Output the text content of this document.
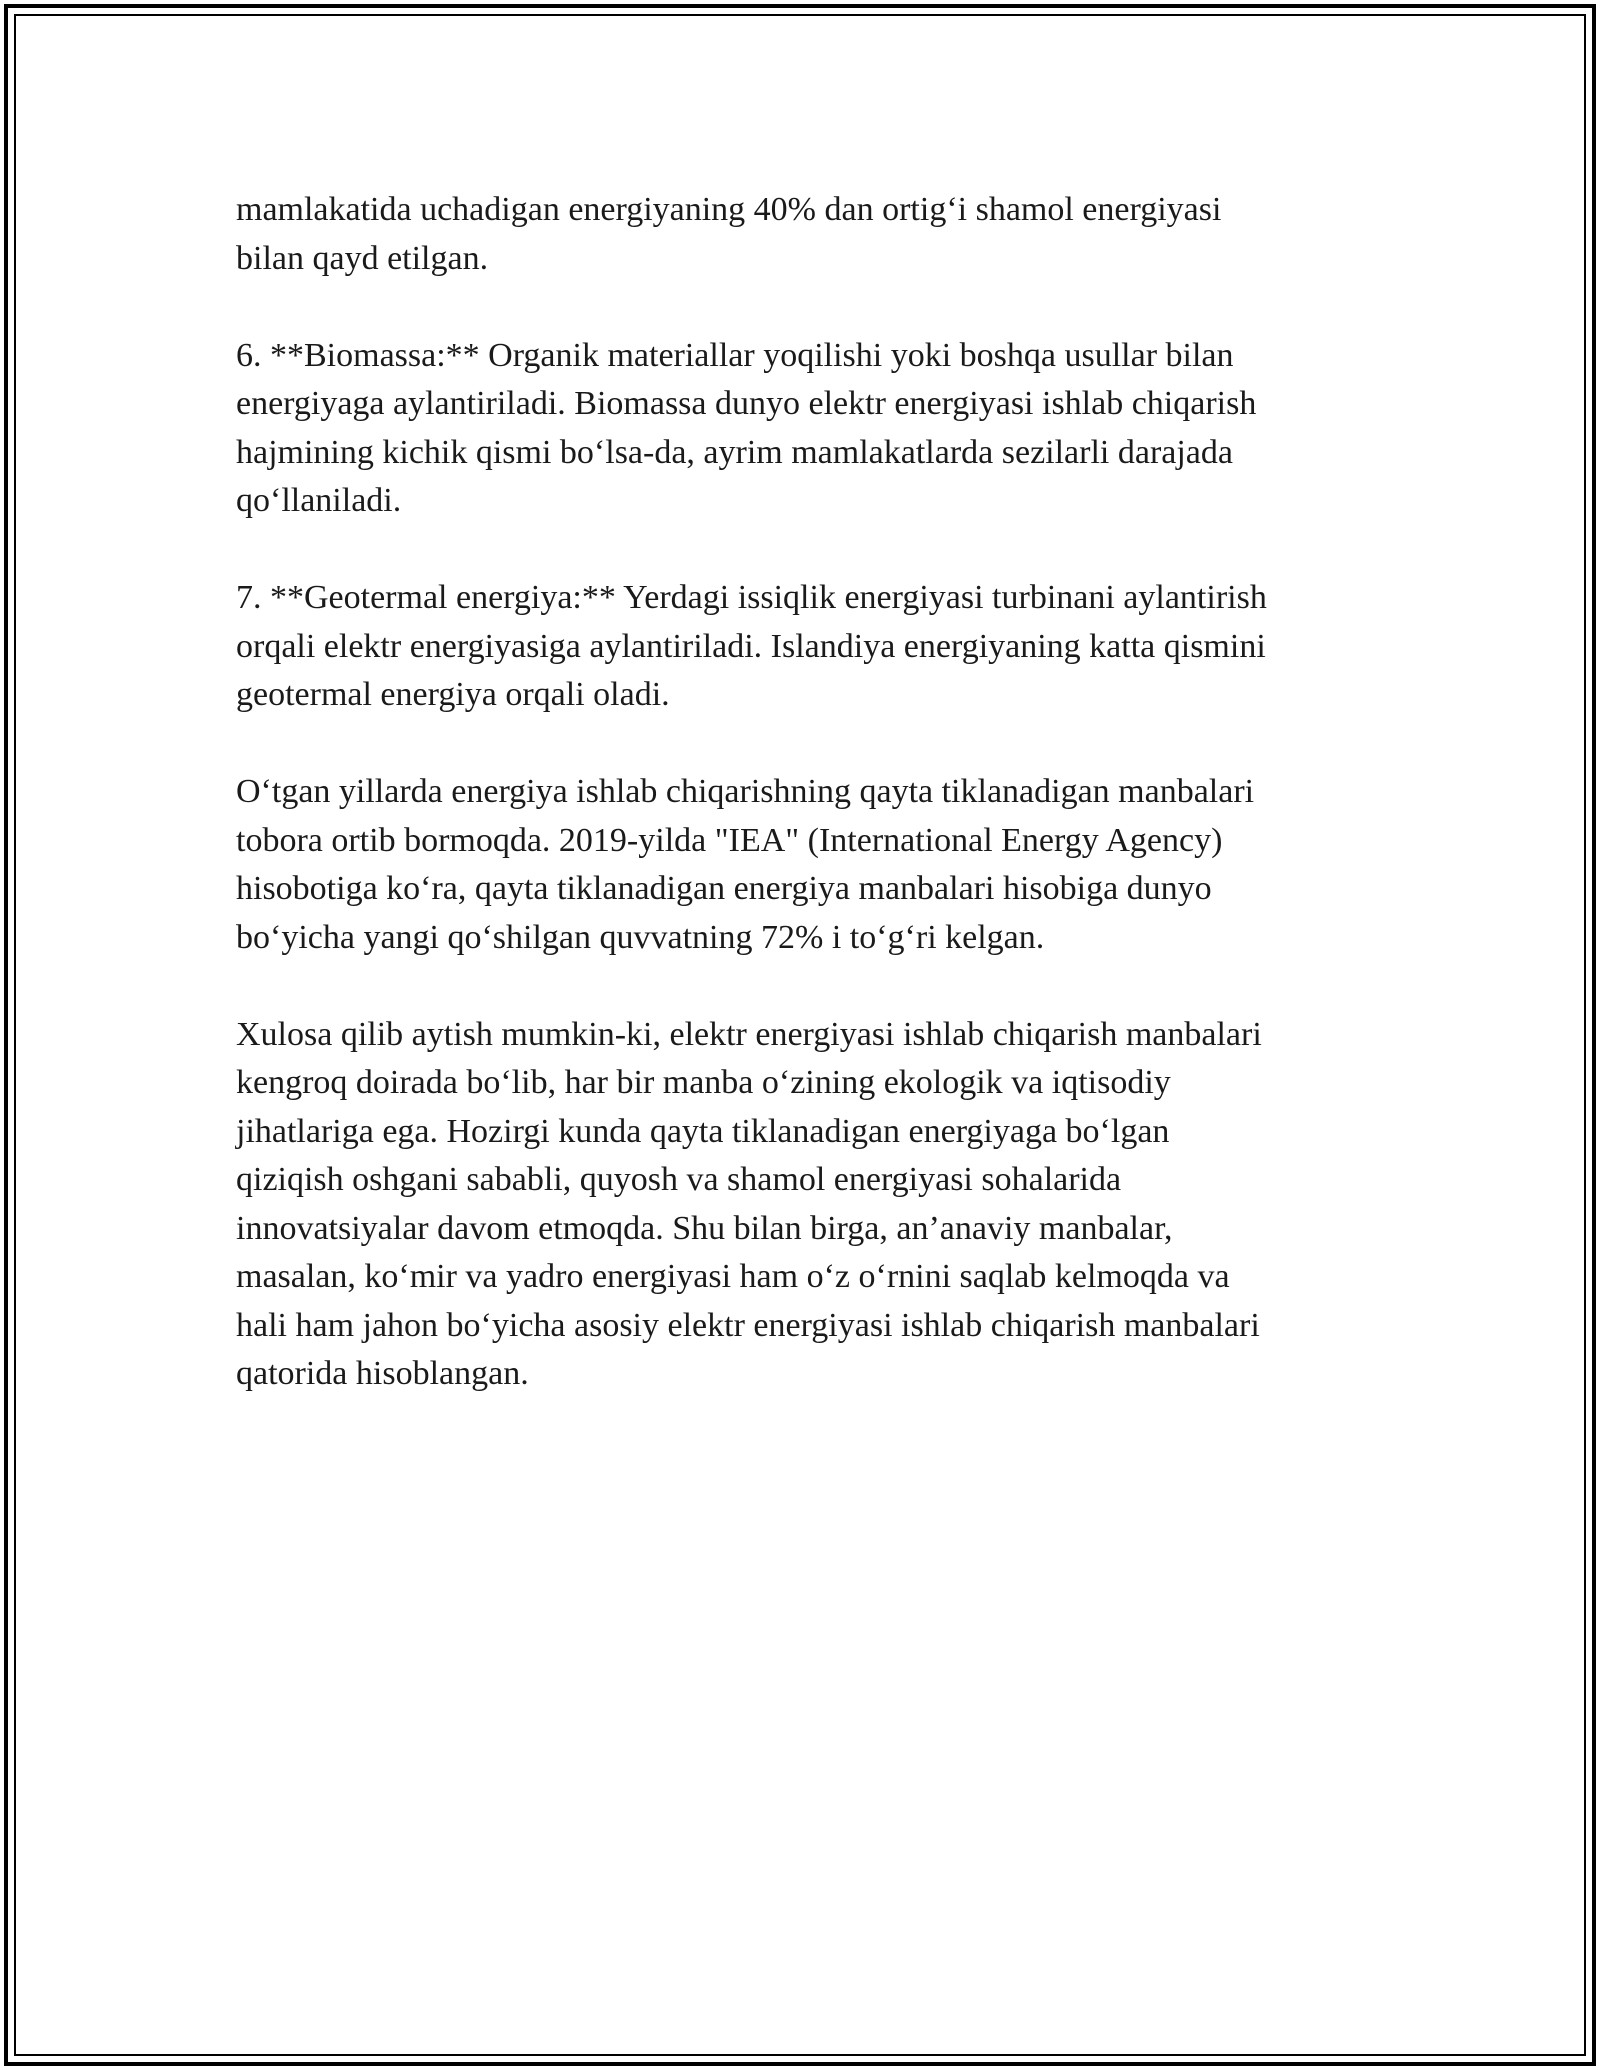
mamlakatida uchadigan energiyaning 40% dan ortig‘i shamol energiyasi
bilan qayd etilgan.

6. **Biomassa:** Organik materiallar yoqilishi yoki boshqa usullar bilan
energiyaga aylantiriladi. Biomassa dunyo elektr energiyasi ishlab chiqarish
hajmining kichik qismi bo‘lsa-da, ayrim mamlakatlarda sezilarli darajada
qo‘llaniladi.

7. **Geotermal energiya:** Yerdagi issiqlik energiyasi turbinani aylantirish
orqali elektr energiyasiga aylantiriladi. Islandiya energiyaning katta qismini
geotermal energiya orqali oladi.

O‘tgan yillarda energiya ishlab chiqarishning qayta tiklanadigan manbalari
tobora ortib bormoqda. 2019-yilda "IEA" (International Energy Agency)
hisobotiga ko‘ra, qayta tiklanadigan energiya manbalari hisobiga dunyo
bo‘yicha yangi qo‘shilgan quvvatning 72% i to‘g‘ri kelgan.

Xulosa qilib aytish mumkin-ki, elektr energiyasi ishlab chiqarish manbalari
kengroq doirada bo‘lib, har bir manba o‘zining ekologik va iqtisodiy
jihatlariga ega. Hozirgi kunda qayta tiklanadigan energiyaga bo‘lgan
qiziqish oshgani sababli, quyosh va shamol energiyasi sohalarida
innovatsiyalar davom etmoqda. Shu bilan birga, an’anaviy manbalar,
masalan, ko‘mir va yadro energiyasi ham o‘z o‘rnini saqlab kelmoqda va
hali ham jahon bo‘yicha asosiy elektr energiyasi ishlab chiqarish manbalari
qatorida hisoblangan.
